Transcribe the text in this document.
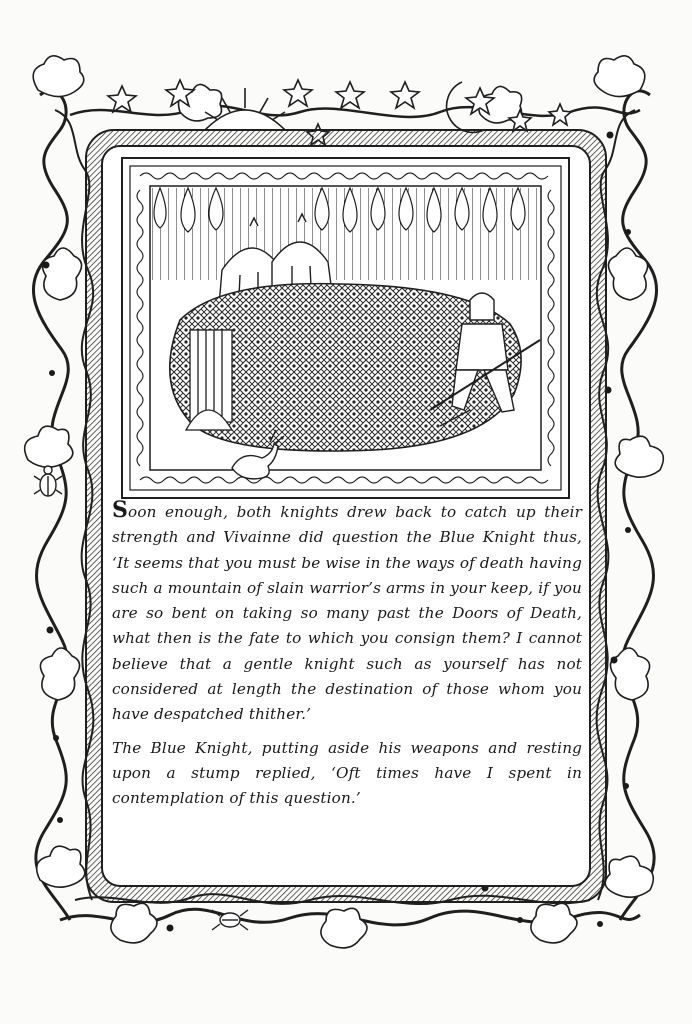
Soon enough, both knights drew back to catch up their strength and Vivainne did question the Blue Knight thus, ‘It seems that you must be wise in the ways of death having such a mountain of slain warrior’s arms in your keep, if you are so bent on taking so many past the Doors of Death, what then is the fate to which you consign them? I cannot believe that a gentle knight such as yourself has not considered at length the destination of those whom you have despatched thither.’

The Blue Knight, putting aside his weapons and resting upon a stump replied, ‘Oft times have I spent in contemplation of this question.’
